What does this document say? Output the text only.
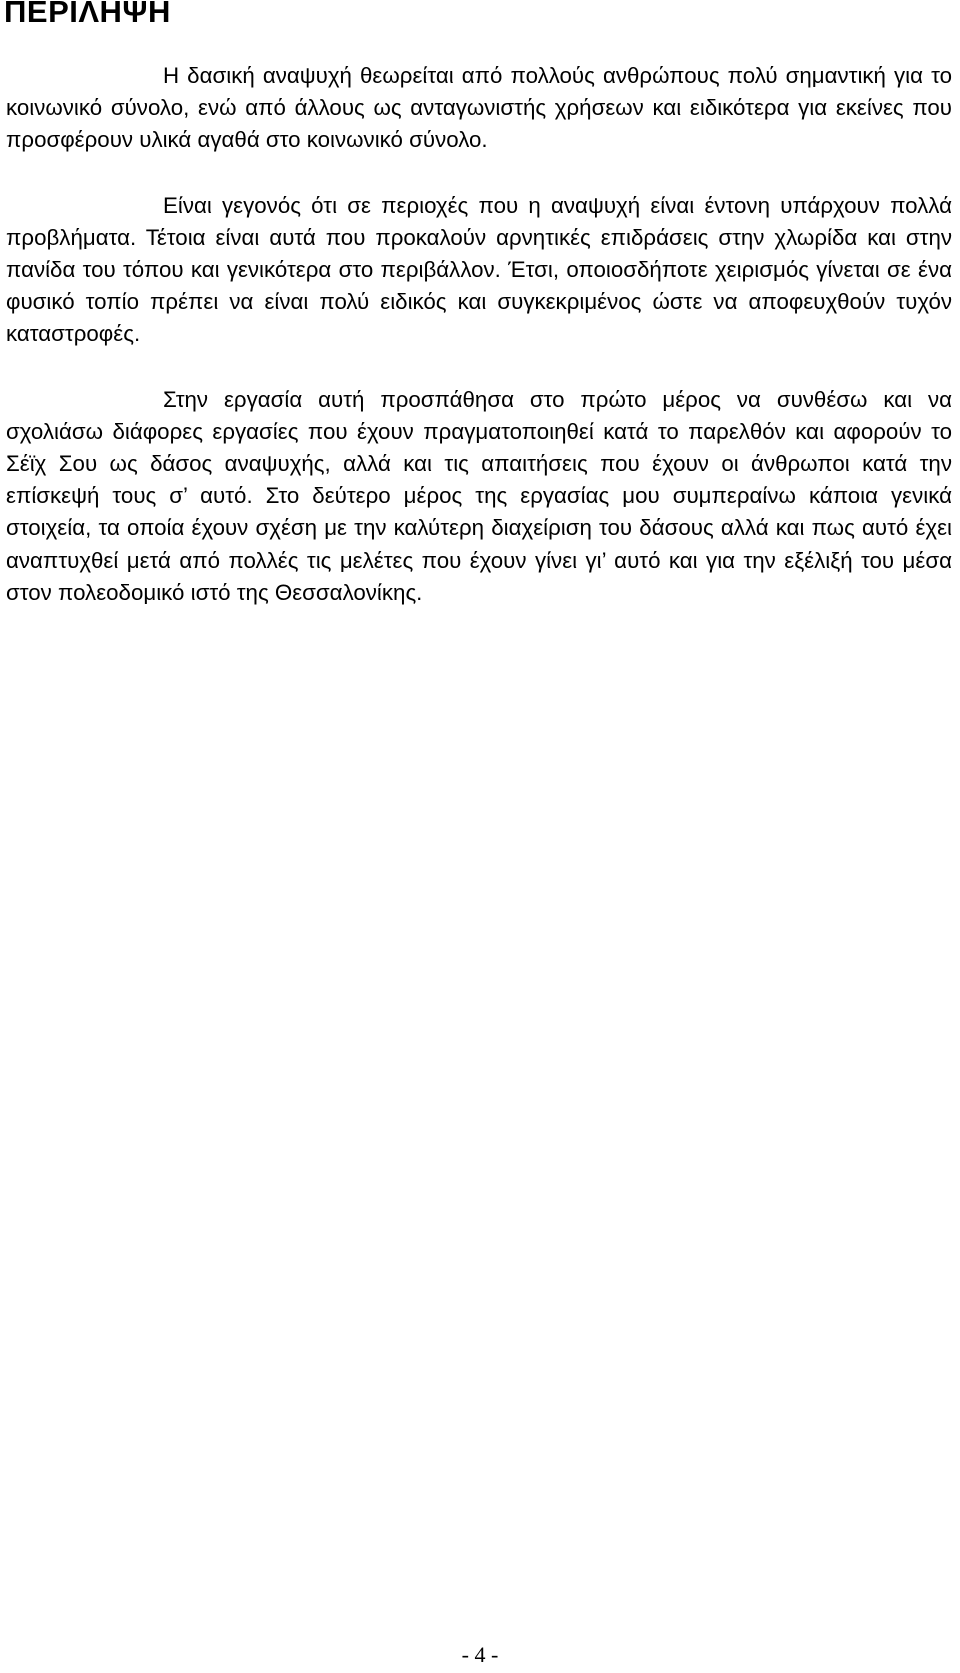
ΠΕΡΙΛΗΨΗ

Η δασική αναψυχή θεωρείται από πολλούς ανθρώπους πολύ σημαντική για το κοινωνικό σύνολο, ενώ από άλλους ως ανταγωνιστής χρήσεων και ειδικότερα για εκείνες που προσφέρουν υλικά αγαθά στο κοινωνικό σύνολο.

Είναι γεγονός ότι σε περιοχές που η αναψυχή είναι έντονη υπάρχουν πολλά προβλήματα. Τέτοια είναι αυτά που προκαλούν αρνητικές επιδράσεις στην χλωρίδα και στην πανίδα του τόπου και γενικότερα στο περιβάλλον. Έτσι, οποιοσδήποτε χειρισμός γίνεται σε ένα φυσικό τοπίο πρέπει να είναι πολύ ειδικός και συγκεκριμένος ώστε να αποφευχθούν τυχόν καταστροφές.

Στην εργασία αυτή προσπάθησα στο πρώτο μέρος να συνθέσω και να σχολιάσω διάφορες εργασίες που έχουν πραγματοποιηθεί κατά το παρελθόν και αφορούν το Σέϊχ Σου ως δάσος αναψυχής, αλλά και τις απαιτήσεις που έχουν οι άνθρωποι κατά την επίσκεψή τους σ’ αυτό. Στο δεύτερο μέρος της εργασίας μου συμπεραίνω κάποια γενικά στοιχεία, τα οποία έχουν σχέση με την καλύτερη διαχείριση του δάσους αλλά και πως αυτό έχει αναπτυχθεί μετά από πολλές τις μελέτες που έχουν γίνει γι’ αυτό και για την εξέλιξή του μέσα στον πολεοδομικό ιστό της Θεσσαλονίκης.

- 4 -
